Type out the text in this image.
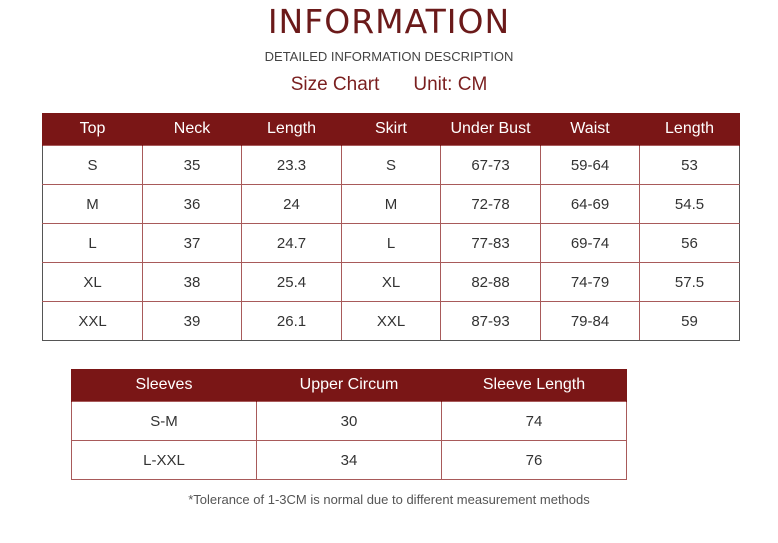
INFORMATION
DETAILED INFORMATION DESCRIPTION
Size Chart Unit: CM
Top	Neck	Length	Skirt	Under Bust	Waist	Length
S	35	23.3	S	67-73	59-64	53
M	36	24	M	72-78	64-69	54.5
L	37	24.7	L	77-83	69-74	56
XL	38	25.4	XL	82-88	74-79	57.5
XXL	39	26.1	XXL	87-93	79-84	59
Sleeves	Upper Circum	Sleeve Length
S-M	30	74
L-XXL	34	76
*Tolerance of 1-3CM is normal due to different measurement methods
